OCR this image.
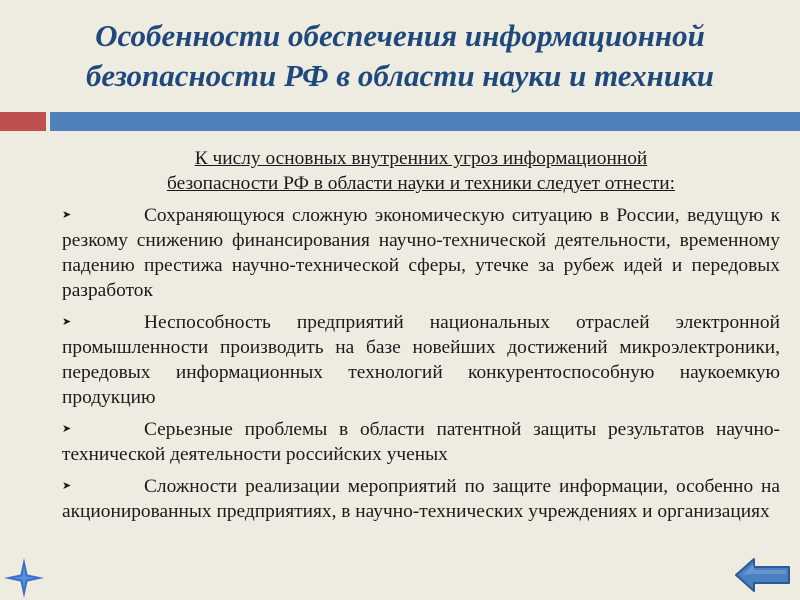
Особенности обеспечения информационной
безопасности РФ в области науки и техники

К числу основных внутренних угроз информационной
безопасности РФ в области науки и техники следует отнести:

➤	Сохраняющуюся сложную экономическую ситуацию в России, ведущую к резкому снижению финансирования научно-технической деятельности, временному падению престижа научно-технической сферы, утечке за рубеж идей и передовых разработок

➤	Неспособность предприятий национальных отраслей электронной промышленности производить на базе новейших достижений микроэлектроники, передовых информационных технологий конкурентоспособную наукоемкую продукцию

➤	Серьезные проблемы в области патентной защиты результатов научно-технической деятельности российских ученых

➤	Сложности реализации мероприятий по защите информации, особенно на акционированных предприятиях, в научно-технических учреждениях и организациях
